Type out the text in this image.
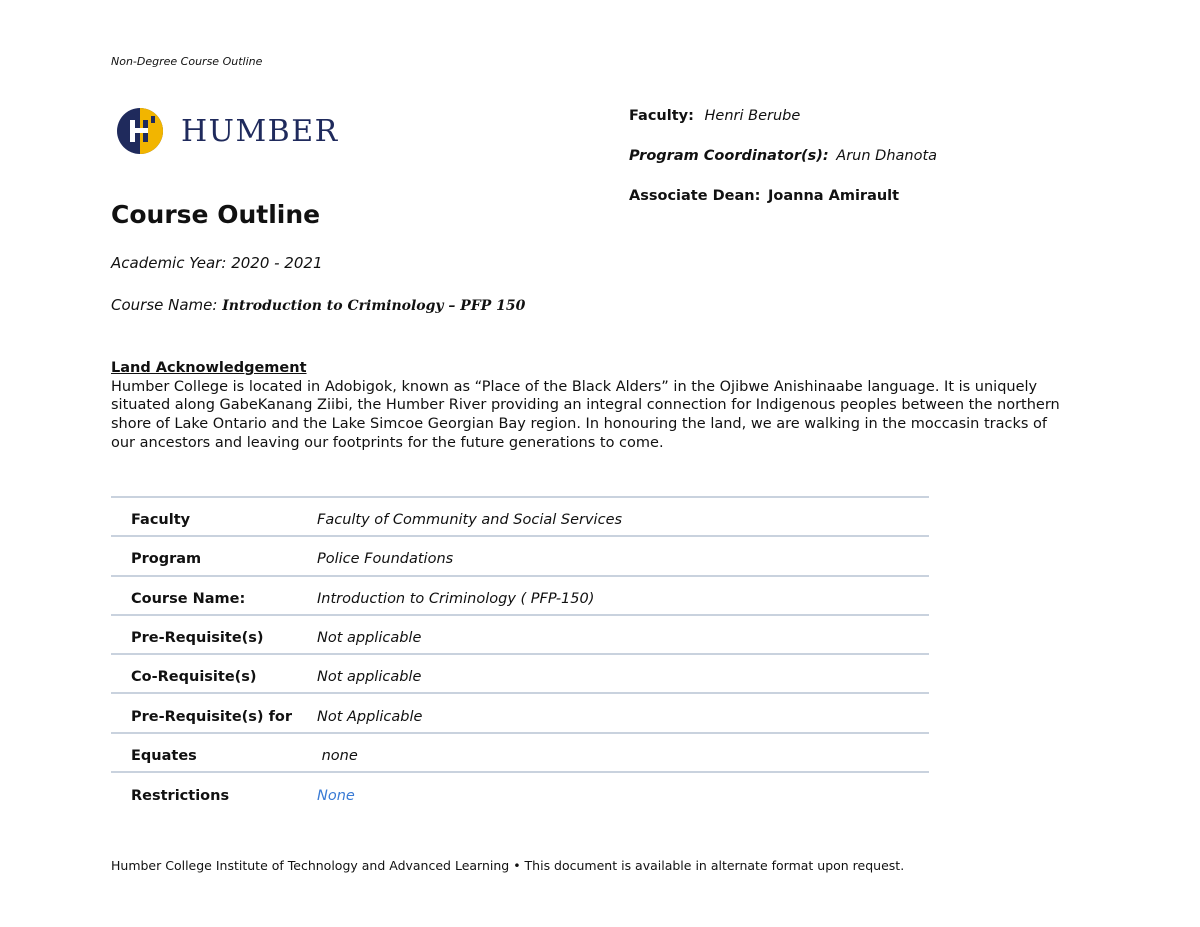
Non-Degree Course Outline
HUMBER	Faculty: Henri Berube
Program Coordinator(s): Arun Dhanota
Associate Dean: Joanna Amirault
Course Outline
Academic Year: 2020 - 2021
Course Name: Introduction to Criminology – PFP 150
Land Acknowledgement
Humber College is located in Adobigok, known as “Place of the Black Alders” in the Ojibwe Anishinaabe language. It is uniquely situated along GabeKanang Ziibi, the Humber River providing an integral connection for Indigenous peoples between the northern shore of Lake Ontario and the Lake Simcoe Georgian Bay region. In honouring the land, we are walking in the moccasin tracks of our ancestors and leaving our footprints for the future generations to come.
Faculty	Faculty of Community and Social Services
Program	Police Foundations
Course Name:	Introduction to Criminology ( PFP-150)
Pre-Requisite(s)	Not applicable
Co-Requisite(s)	Not applicable
Pre-Requisite(s) for	Not Applicable
Equates	none
Restrictions	None
Humber College Institute of Technology and Advanced Learning • This document is available in alternate format upon request.
